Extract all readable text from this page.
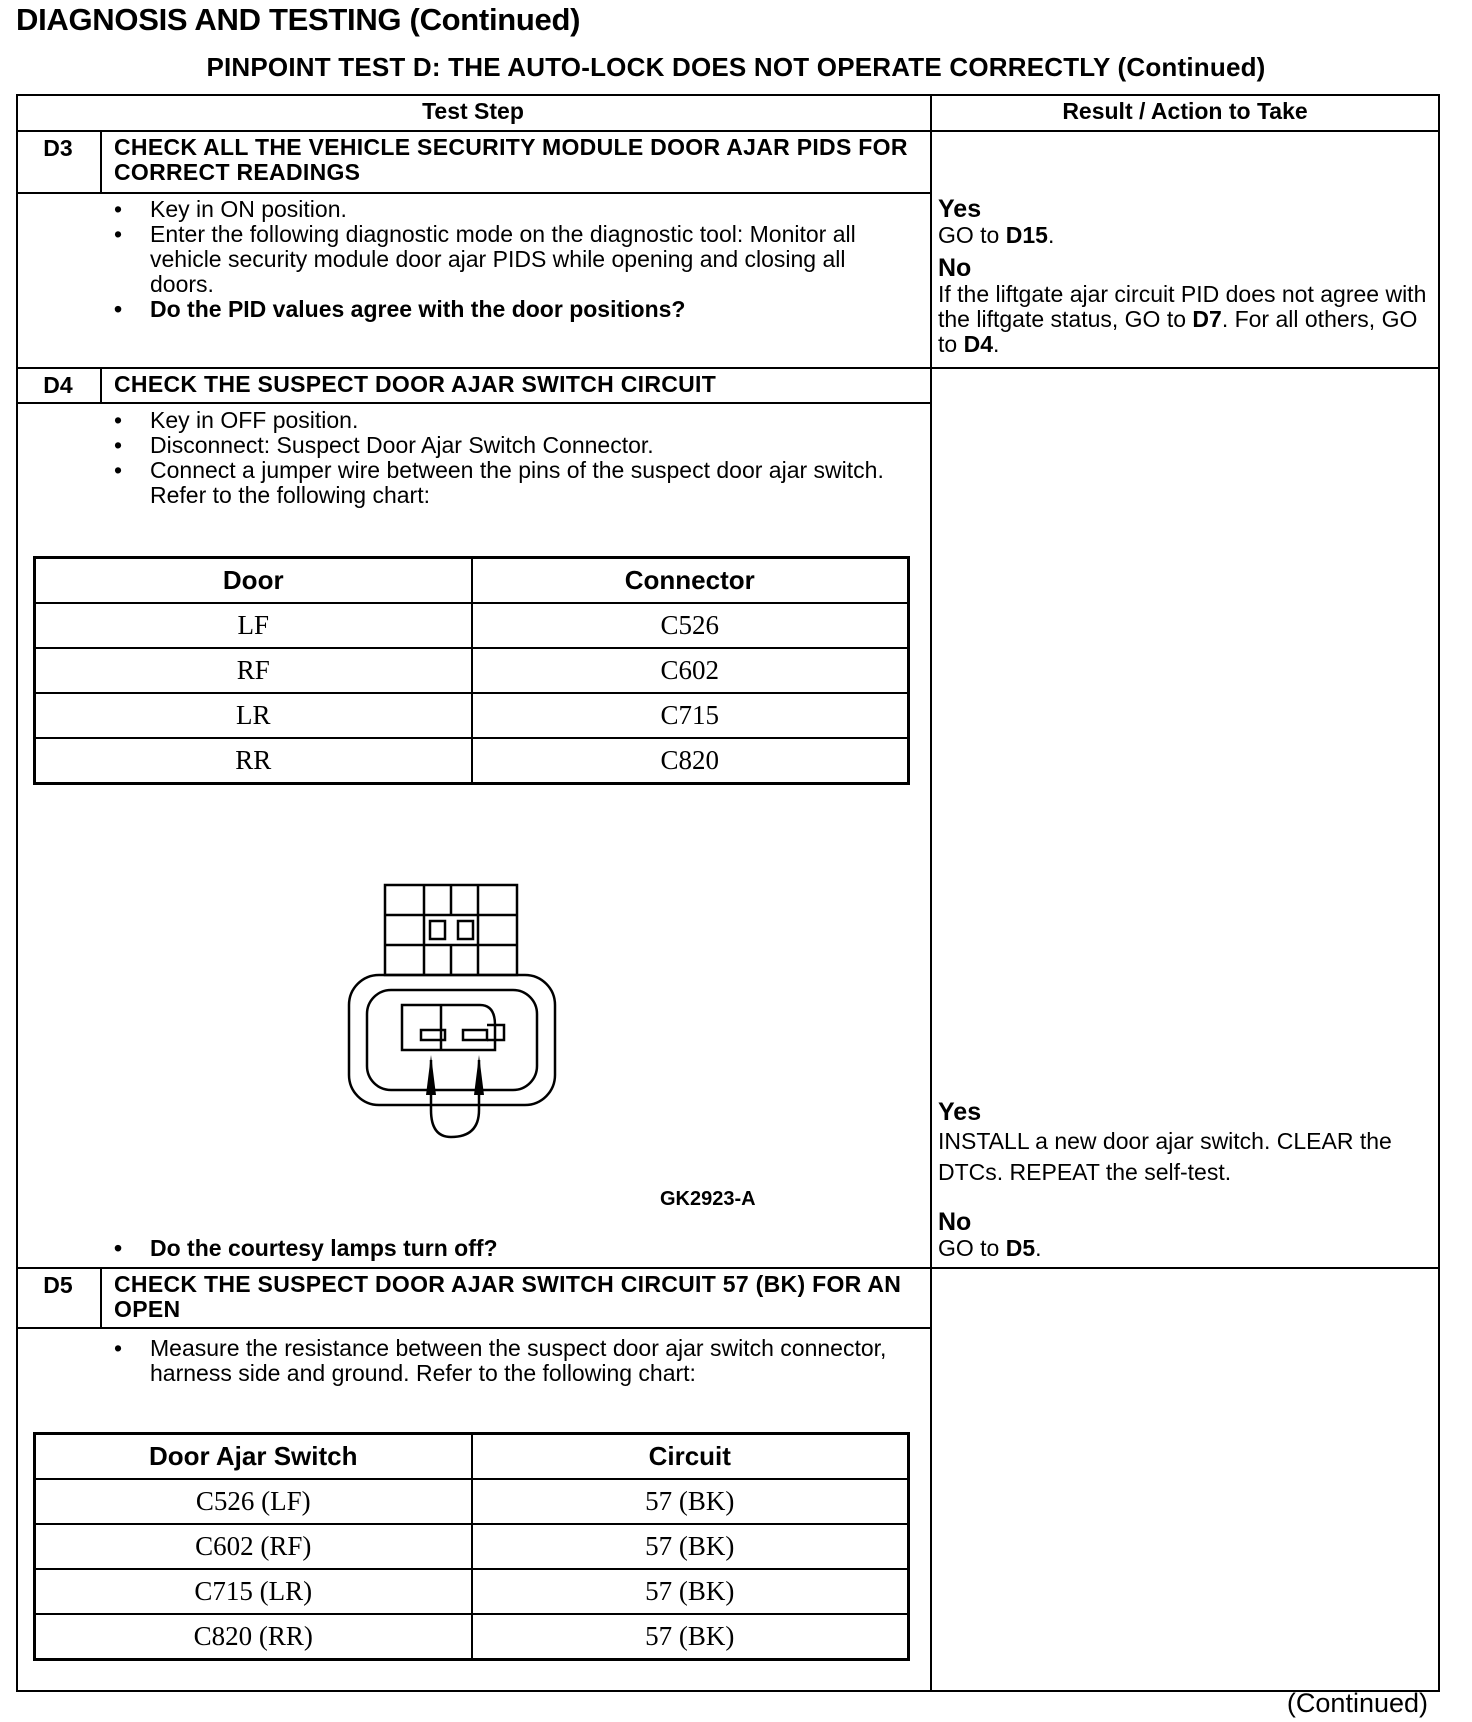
DIAGNOSIS AND TESTING (Continued)
PINPOINT TEST D: THE AUTO-LOCK DOES NOT OPERATE CORRECTLY (Continued)
Test Step	Result / Action to Take
D3	CHECK ALL THE VEHICLE SECURITY MODULE DOOR AJAR PIDS FOR CORRECT READINGS
• Key in ON position.
• Enter the following diagnostic mode on the diagnostic tool: Monitor all vehicle security module door ajar PIDS while opening and closing all doors.
• Do the PID values agree with the door positions?
Yes
GO to D15.
No
If the liftgate ajar circuit PID does not agree with the liftgate status, GO to D7. For all others, GO to D4.
D4	CHECK THE SUSPECT DOOR AJAR SWITCH CIRCUIT
• Key in OFF position.
• Disconnect: Suspect Door Ajar Switch Connector.
• Connect a jumper wire between the pins of the suspect door ajar switch. Refer to the following chart:
Door	Connector
LF	C526
RF	C602
LR	C715
RR	C820
GK2923-A
• Do the courtesy lamps turn off?
Yes
INSTALL a new door ajar switch. CLEAR the DTCs. REPEAT the self-test.
No
GO to D5.
D5	CHECK THE SUSPECT DOOR AJAR SWITCH CIRCUIT 57 (BK) FOR AN OPEN
• Measure the resistance between the suspect door ajar switch connector, harness side and ground. Refer to the following chart:
Door Ajar Switch	Circuit
C526 (LF)	57 (BK)
C602 (RF)	57 (BK)
C715 (LR)	57 (BK)
C820 (RR)	57 (BK)
(Continued)
